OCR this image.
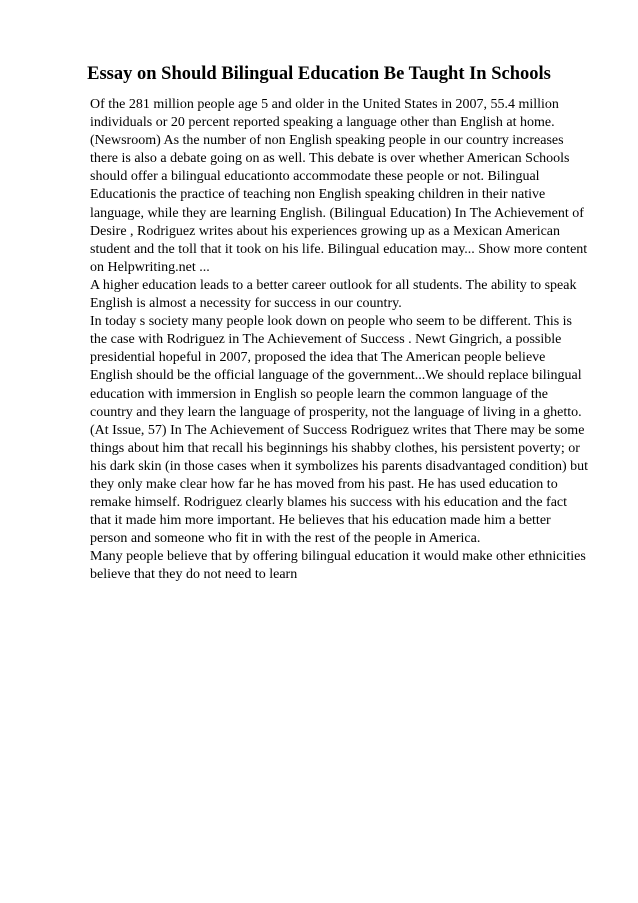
Essay on Should Bilingual Education Be Taught In Schools

Of the 281 million people age 5 and older in the United States in 2007, 55.4 million individuals or 20 percent reported speaking a language other than English at home. (Newsroom) As the number of non English speaking people in our country increases there is also a debate going on as well. This debate is over whether American Schools should offer a bilingual educationto accommodate these people or not. Bilingual Educationis the practice of teaching non English speaking children in their native language, while they are learning English. (Bilingual Education) In The Achievement of Desire , Rodriguez writes about his experiences growing up as a Mexican American student and the toll that it took on his life. Bilingual education may... Show more content on Helpwriting.net ...

A higher education leads to a better career outlook for all students. The ability to speak English is almost a necessity for success in our country.

In today s society many people look down on people who seem to be different. This is the case with Rodriguez in The Achievement of Success . Newt Gingrich, a possible presidential hopeful in 2007, proposed the idea that The American people believe English should be the official language of the government...We should replace bilingual education with immersion in English so people learn the common language of the country and they learn the language of prosperity, not the language of living in a ghetto. (At Issue, 57) In The Achievement of Success Rodriguez writes that There may be some things about him that recall his beginnings his shabby clothes, his persistent poverty; or his dark skin (in those cases when it symbolizes his parents disadvantaged condition) but they only make clear how far he has moved from his past. He has used education to remake himself. Rodriguez clearly blames his success with his education and the fact that it made him more important. He believes that his education made him a better person and someone who fit in with the rest of the people in America.

Many people believe that by offering bilingual education it would make other ethnicities believe that they do not need to learn
